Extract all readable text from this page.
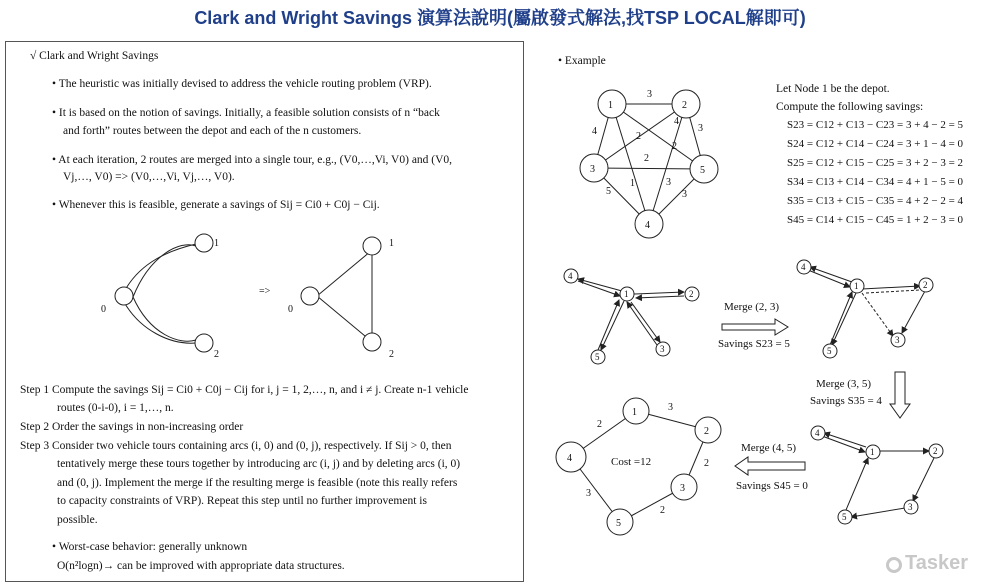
Clark and Wright Savings 演算法說明(屬啟發式解法,找TSP LOCAL解即可)
√ Clark and Wright Savings
• The heuristic was initially devised to address the vehicle routing problem (VRP).
• It is based on the notion of savings. Initially, a feasible solution consists of n “back
and forth” routes between the depot and each of the n customers.
• At each iteration, 2 routes are merged into a single tour, e.g., (V0,…,Vi, V0) and (V0,
Vj,…, V0) => (V0,…,Vi, Vj,…, V0).
• Whenever this is feasible, generate a savings of Sij = Ci0 + C0j − Cij.
Step 1 Compute the savings Sij = Ci0 + C0j − Cij for i, j = 1, 2,…, n, and i ≠ j. Create n-1 vehicle
routes (0-i-0), i = 1,…, n.
Step 2 Order the savings in non-increasing order
Step 3 Consider two vehicle tours containing arcs (i, 0) and (0, j), respectively. If Sij > 0, then
tentatively merge these tours together by introducing arc (i, j) and by deleting arcs (i, 0)
and (0, j). Implement the merge if the resulting merge is feasible (note this really refers
to capacity constraints of VRP). Repeat this step until no further improvement is
possible.
• Worst-case behavior: generally unknown
O(n²logn)→ can be improved with appropriate data structures.
• Example
Let Node 1 be the depot.
Compute the following savings:
S23 = C12 + C13 − C23 = 3 + 4 − 2 = 5
S24 = C12 + C14 − C24 = 3 + 1 − 4 = 0
S25 = C12 + C15 − C25 = 3 + 2 − 3 = 2
S34 = C13 + C14 − C34 = 4 + 1 − 5 = 0
S35 = C13 + C15 − C35 = 4 + 2 − 2 = 4
S45 = C14 + C15 − C45 = 1 + 2 − 3 = 0
Merge (2, 3)
Savings S23 = 5
Merge (3, 5)
Savings S35 = 4
Merge (4, 5)
Savings S45 = 0
Tasker
0
1
2
=>
0
1
2
1	2
3
4
5
3
4
4
3
2
2
2
3
5
1	3
1
4
2
5
3
1
4
2
5
3
1
4
2
5
3
1
2
4
3
5
3
2
2
2
3
Cost =12
